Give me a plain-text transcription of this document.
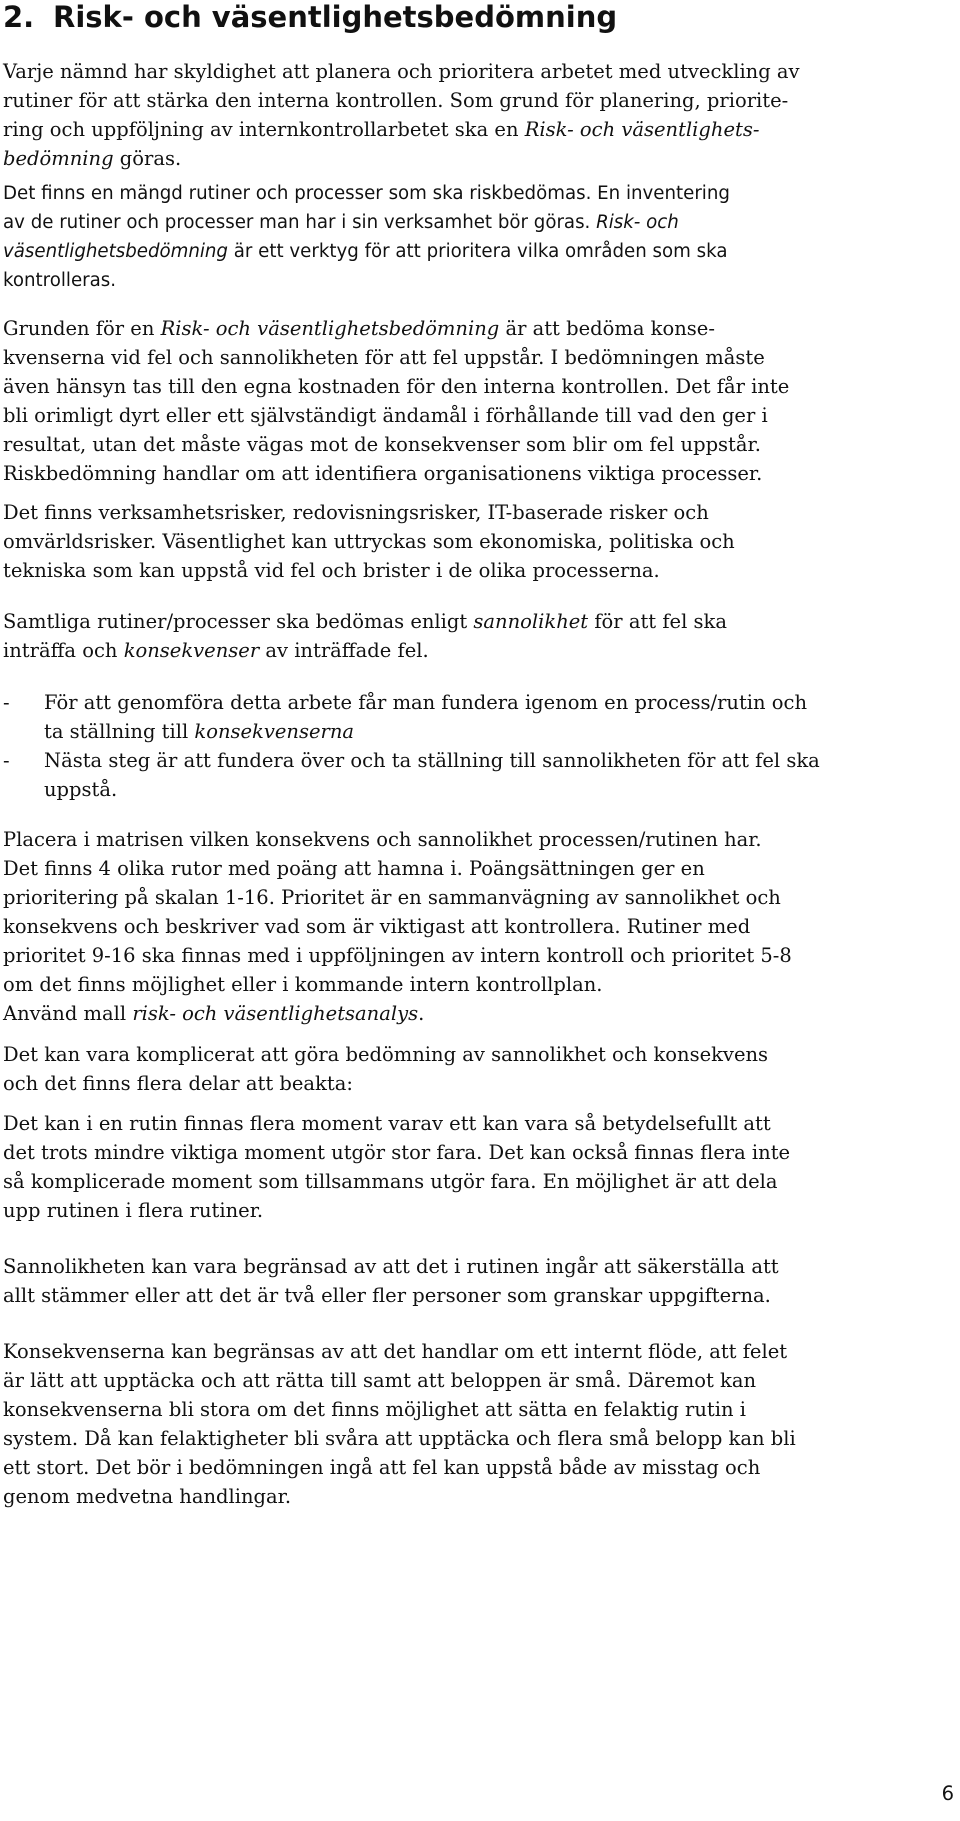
2. Risk- och väsentlighetsbedömning

Varje nämnd har skyldighet att planera och prioritera arbetet med utveckling av
rutiner för att stärka den interna kontrollen. Som grund för planering, priorite-
ring och uppföljning av internkontrollarbetet ska en Risk- och väsentlighets-
bedömning göras.

Det finns en mängd rutiner och processer som ska riskbedömas. En inventering
av de rutiner och processer man har i sin verksamhet bör göras. Risk- och
väsentlighetsbedömning är ett verktyg för att prioritera vilka områden som ska
kontrolleras.

Grunden för en Risk- och väsentlighetsbedömning är att bedöma konse-
kvenserna vid fel och sannolikheten för att fel uppstår. I bedömningen måste
även hänsyn tas till den egna kostnaden för den interna kontrollen. Det får inte
bli orimligt dyrt eller ett självständigt ändamål i förhållande till vad den ger i
resultat, utan det måste vägas mot de konsekvenser som blir om fel uppstår.
Riskbedömning handlar om att identifiera organisationens viktiga processer.

Det finns verksamhetsrisker, redovisningsrisker, IT-baserade risker och
omvärldsrisker. Väsentlighet kan uttryckas som ekonomiska, politiska och
tekniska som kan uppstå vid fel och brister i de olika processerna.

Samtliga rutiner/processer ska bedömas enligt sannolikhet för att fel ska
inträffa och konsekvenser av inträffade fel.

- För att genomföra detta arbete får man fundera igenom en process/rutin och
ta ställning till konsekvenserna
- Nästa steg är att fundera över och ta ställning till sannolikheten för att fel ska
uppstå.

Placera i matrisen vilken konsekvens och sannolikhet processen/rutinen har.
Det finns 4 olika rutor med poäng att hamna i. Poängsättningen ger en
prioritering på skalan 1-16. Prioritet är en sammanvägning av sannolikhet och
konsekvens och beskriver vad som är viktigast att kontrollera. Rutiner med
prioritet 9-16 ska finnas med i uppföljningen av intern kontroll och prioritet 5-8
om det finns möjlighet eller i kommande intern kontrollplan.
Använd mall risk- och väsentlighetsanalys.

Det kan vara komplicerat att göra bedömning av sannolikhet och konsekvens
och det finns flera delar att beakta:

Det kan i en rutin finnas flera moment varav ett kan vara så betydelsefullt att
det trots mindre viktiga moment utgör stor fara. Det kan också finnas flera inte
så komplicerade moment som tillsammans utgör fara. En möjlighet är att dela
upp rutinen i flera rutiner.

Sannolikheten kan vara begränsad av att det i rutinen ingår att säkerställa att
allt stämmer eller att det är två eller fler personer som granskar uppgifterna.

Konsekvenserna kan begränsas av att det handlar om ett internt flöde, att felet
är lätt att upptäcka och att rätta till samt att beloppen är små. Däremot kan
konsekvenserna bli stora om det finns möjlighet att sätta en felaktig rutin i
system. Då kan felaktigheter bli svåra att upptäcka och flera små belopp kan bli
ett stort. Det bör i bedömningen ingå att fel kan uppstå både av misstag och
genom medvetna handlingar.

6
